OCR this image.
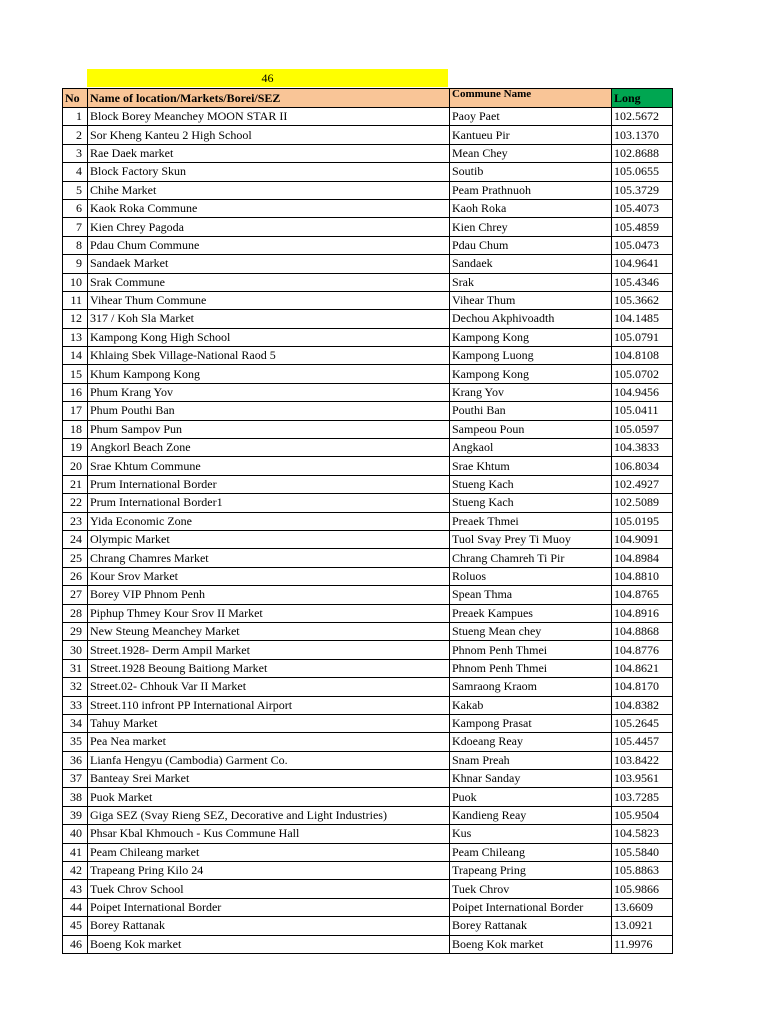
46
No	Name of location/Markets/Borei/SEZ	Commune Name	Long
1	Block Borey Meanchey MOON STAR II	Paoy Paet	102.5672
2	Sor Kheng Kanteu 2 High School	Kantueu Pir	103.1370
3	Rae Daek market	Mean Chey	102.8688
4	Block Factory Skun	Soutib	105.0655
5	Chihe Market	Peam Prathnuoh	105.3729
6	Kaok Roka Commune	Kaoh Roka	105.4073
7	Kien Chrey Pagoda	Kien Chrey	105.4859
8	Pdau Chum Commune	Pdau Chum	105.0473
9	Sandaek Market	Sandaek	104.9641
10	Srak Commune	Srak	105.4346
11	Vihear Thum Commune	Vihear Thum	105.3662
12	317 / Koh Sla Market	Dechou Akphivoadth	104.1485
13	Kampong Kong High School	Kampong Kong	105.0791
14	Khlaing Sbek Village-National Raod 5	Kampong Luong	104.8108
15	Khum Kampong Kong	Kampong Kong	105.0702
16	Phum Krang Yov	Krang Yov	104.9456
17	Phum Pouthi Ban	Pouthi Ban	105.0411
18	Phum Sampov Pun	Sampeou Poun	105.0597
19	Angkorl Beach Zone	Angkaol	104.3833
20	Srae Khtum Commune	Srae Khtum	106.8034
21	Prum International Border	Stueng Kach	102.4927
22	Prum International Border1	Stueng Kach	102.5089
23	Yida Economic Zone	Preaek Thmei	105.0195
24	Olympic Market	Tuol Svay Prey Ti Muoy	104.9091
25	Chrang Chamres Market	Chrang Chamreh Ti Pir	104.8984
26	Kour Srov Market	Roluos	104.8810
27	Borey VIP Phnom Penh	Spean Thma	104.8765
28	Piphup Thmey Kour Srov II Market	Preaek Kampues	104.8916
29	New Steung Meanchey Market	Stueng Mean chey	104.8868
30	Street.1928- Derm Ampil Market	Phnom Penh Thmei	104.8776
31	Street.1928 Beoung Baitiong Market	Phnom Penh Thmei	104.8621
32	Street.02- Chhouk Var II Market	Samraong Kraom	104.8170
33	Street.110 infront PP International Airport	Kakab	104.8382
34	Tahuy Market	Kampong Prasat	105.2645
35	Pea Nea market	Kdoeang Reay	105.4457
36	Lianfa Hengyu (Cambodia) Garment Co.	Snam Preah	103.8422
37	Banteay Srei Market	Khnar Sanday	103.9561
38	Puok Market	Puok	103.7285
39	Giga SEZ (Svay Rieng SEZ, Decorative and Light Industries)	Kandieng Reay	105.9504
40	Phsar Kbal Khmouch - Kus Commune Hall	Kus	104.5823
41	Peam Chileang market	Peam Chileang	105.5840
42	Trapeang Pring Kilo 24	Trapeang Pring	105.8863
43	Tuek Chrov School	Tuek Chrov	105.9866
44	Poipet International Border	Poipet International Border	13.6609
45	Borey Rattanak	Borey Rattanak	13.0921
46	Boeng Kok market	Boeng Kok market	11.9976
